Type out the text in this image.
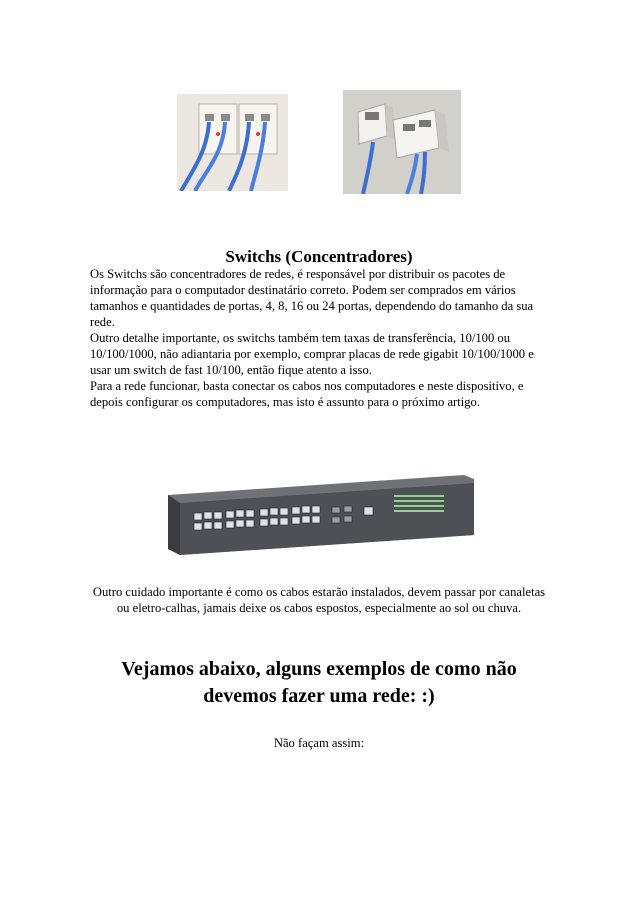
Switchs (Concentradores)

Os Switchs são concentradores de redes, é responsável por distribuir os pacotes de informação para o computador destinatário correto. Podem ser comprados em vários tamanhos e quantidades de portas, 4, 8, 16 ou 24 portas, dependendo do tamanho da sua rede.

Outro detalhe importante, os switchs também tem taxas de transferência, 10/100 ou 10/100/1000, não adiantaria por exemplo, comprar placas de rede gigabit 10/100/1000 e usar um switch de fast 10/100, então fique atento a isso.

Para a rede funcionar, basta conectar os cabos nos computadores e neste dispositivo, e depois configurar os computadores, mas isto é assunto para o próximo artigo.

Outro cuidado importante é como os cabos estarão instalados, devem passar por canaletas ou eletro-calhas, jamais deixe os cabos espostos, especialmente ao sol ou chuva.
Vejamos abaixo, alguns exemplos de como não devemos fazer uma rede: :)
Não façam assim:
